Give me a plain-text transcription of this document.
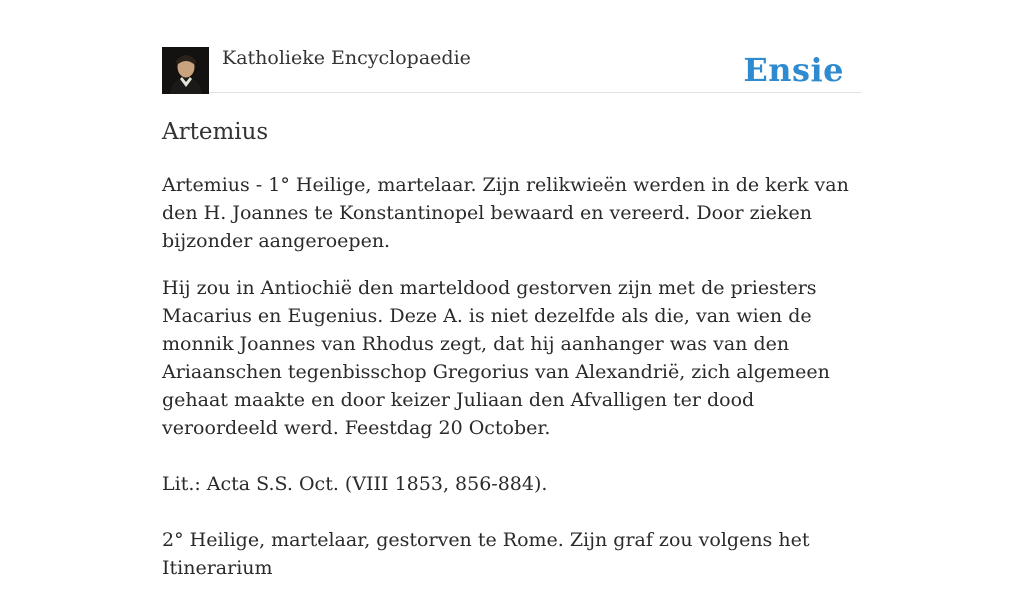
Katholieke Encyclopaedie	Ensie
Artemius

Artemius - 1° Heilige, martelaar. Zijn relikwieën werden in de kerk van den H. Joannes te Konstantinopel bewaard en vereerd. Door zieken bijzonder aangeroepen.

Hij zou in Antiochië den marteldood gestorven zijn met de priesters Macarius en Eugenius. Deze A. is niet dezelfde als die, van wien de monnik Joannes van Rhodus zegt, dat hij aanhanger was van den Ariaanschen tegenbisschop Gregorius van Alexandrië, zich algemeen gehaat maakte en door keizer Juliaan den Afvalligen ter dood veroordeeld werd. Feestdag 20 October.

Lit.: Acta S.S. Oct. (VIII 1853, 856-884).

2° Heilige, martelaar, gestorven te Rome. Zijn graf zou volgens het Itinerarium
